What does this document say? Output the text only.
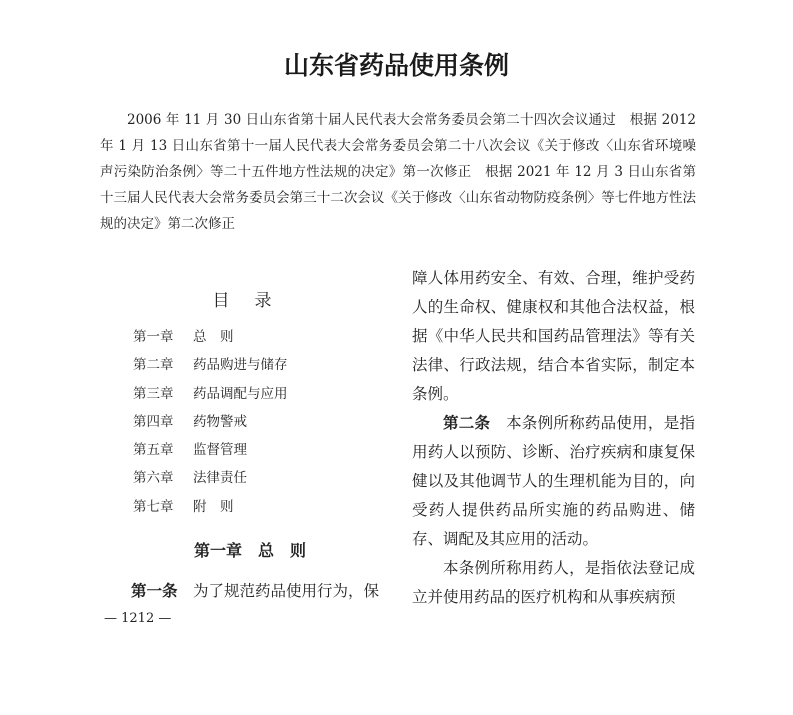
山东省药品使用条例

2006 年 11 月 30 日山东省第十届人民代表大会常务委员会第二十四次会议通过　根据 2012 年 1 月 13 日山东省第十一届人民代表大会常务委员会第二十八次会议《关于修改〈山东省环境噪声污染防治条例〉等二十五件地方性法规的决定》第一次修正　根据 2021 年 12 月 3 日山东省第十三届人民代表大会常务委员会第三十二次会议《关于修改〈山东省动物防疫条例〉等七件地方性法规的决定》第二次修正

目　录
第一章 总　则
第二章 药品购进与储存
第三章 药品调配与应用
第四章 药物警戒
第五章 监督管理
第六章 法律责任
第七章 附　则
第一章　总　则
第一条　 为了规范药品使用行为，保
— 1212 —

障人体用药安全、有效、合理，维护受药人的生命权、健康权和其他合法权益，根据《中华人民共和国药品管理法》等有关法律、行政法规，结合本省实际，制定本条例。

第二条　 本条例所称药品使用，是指用药人以预防、诊断、治疗疾病和康复保健以及其他调节人的生理机能为目的，向受药人提供药品所实施的药品购进、储存、调配及其应用的活动。

本条例所称用药人，是指依法登记成立并使用药品的医疗机构和从事疾病预
